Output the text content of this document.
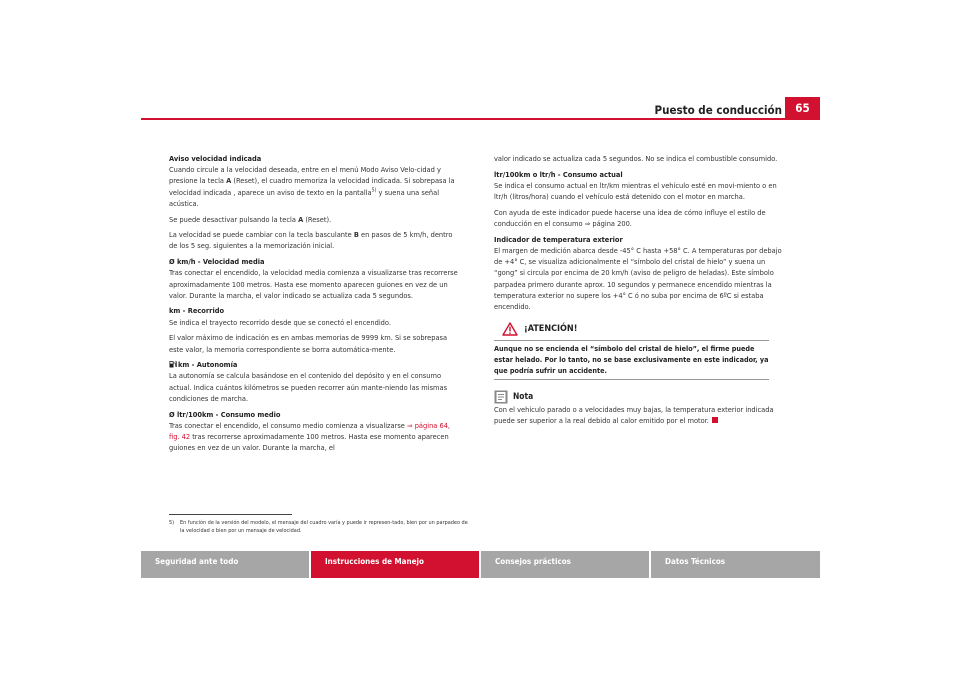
Puesto de conducción	65

Aviso velocidad indicada

Cuando circule a la velocidad deseada, entre en el menú Modo Aviso Velo-cidad y presione la tecla A (Reset), el cuadro memoriza la velocidad indicada. Si sobrepasa la velocidad indicada , aparece un aviso de texto en la pantalla$^{5)}$ y suena una señal acústica.

Se puede desactivar pulsando la tecla A (Reset).

La velocidad se puede cambiar con la tecla basculante B en pasos de 5 km/h, dentro de los 5 seg. siguientes a la memorización inicial.

Ø km/h - Velocidad media

Tras conectar el encendido, la velocidad media comienza a visualizarse tras recorrerse aproximadamente 100 metros. Hasta ese momento aparecen guiones en vez de un valor. Durante la marcha, el valor indicado se actualiza cada 5 segundos.

km - Recorrido

Se indica el trayecto recorrido desde que se conectó el encendido.

El valor máximo de indicación es en ambas memorias de 9999 km. Si se sobrepasa este valor, la memoria correspondiente se borra automática-mente.

km - Autonomía

La autonomía se calcula basándose en el contenido del depósito y en el consumo actual. Indica cuántos kilómetros se pueden recorrer aún mante-niendo las mismas condiciones de marcha.

Ø ltr/100km - Consumo medio

Tras conectar el encendido, el consumo medio comienza a visualizarse ⇒ página 64, fig. 42 tras recorrerse aproximadamente 100 metros. Hasta ese momento aparecen guiones en vez de un valor. Durante la marcha, el

valor indicado se actualiza cada 5 segundos. No se indica el combustible consumido.

ltr/100km o ltr/h - Consumo actual

Se indica el consumo actual en ltr/km mientras el vehículo esté en movi-miento o en ltr/h (litros/hora) cuando el vehículo está detenido con el motor en marcha.

Con ayuda de este indicador puede hacerse una idea de cómo influye el estilo de conducción en el consumo ⇒ página 200.

Indicador de temperatura exterior

El margen de medición abarca desde -45° C hasta +58° C. A temperaturas por debajo de +4° C, se visualiza adicionalmente el “símbolo del cristal de hielo” y suena un “gong” si circula por encima de 20 km/h (aviso de peligro de heladas). Este símbolo parpadea primero durante aprox. 10 segundos y permanece encendido mientras la temperatura exterior no supere los +4° C ó no suba por encima de 6ºC si estaba encendido.

¡ATENCIÓN!
Aunque no se encienda el “símbolo del cristal de hielo”, el firme puede estar helado. Por lo tanto, no se base exclusivamente en este indicador, ya que podría sufrir un accidente.
Nota

Con el vehículo parado o a velocidades muy bajas, la temperatura exterior indicada puede ser superior a la real debido al calor emitido por el motor.

5) En función de la versión del modelo, el mensaje del cuadro varía y puede ir represen-tado, bien por un parpadeo de la velocidad o bien por un mensaje de velocidad.
Seguridad ante todo	Instrucciones de Manejo	Consejos prácticos	Datos Técnicos
